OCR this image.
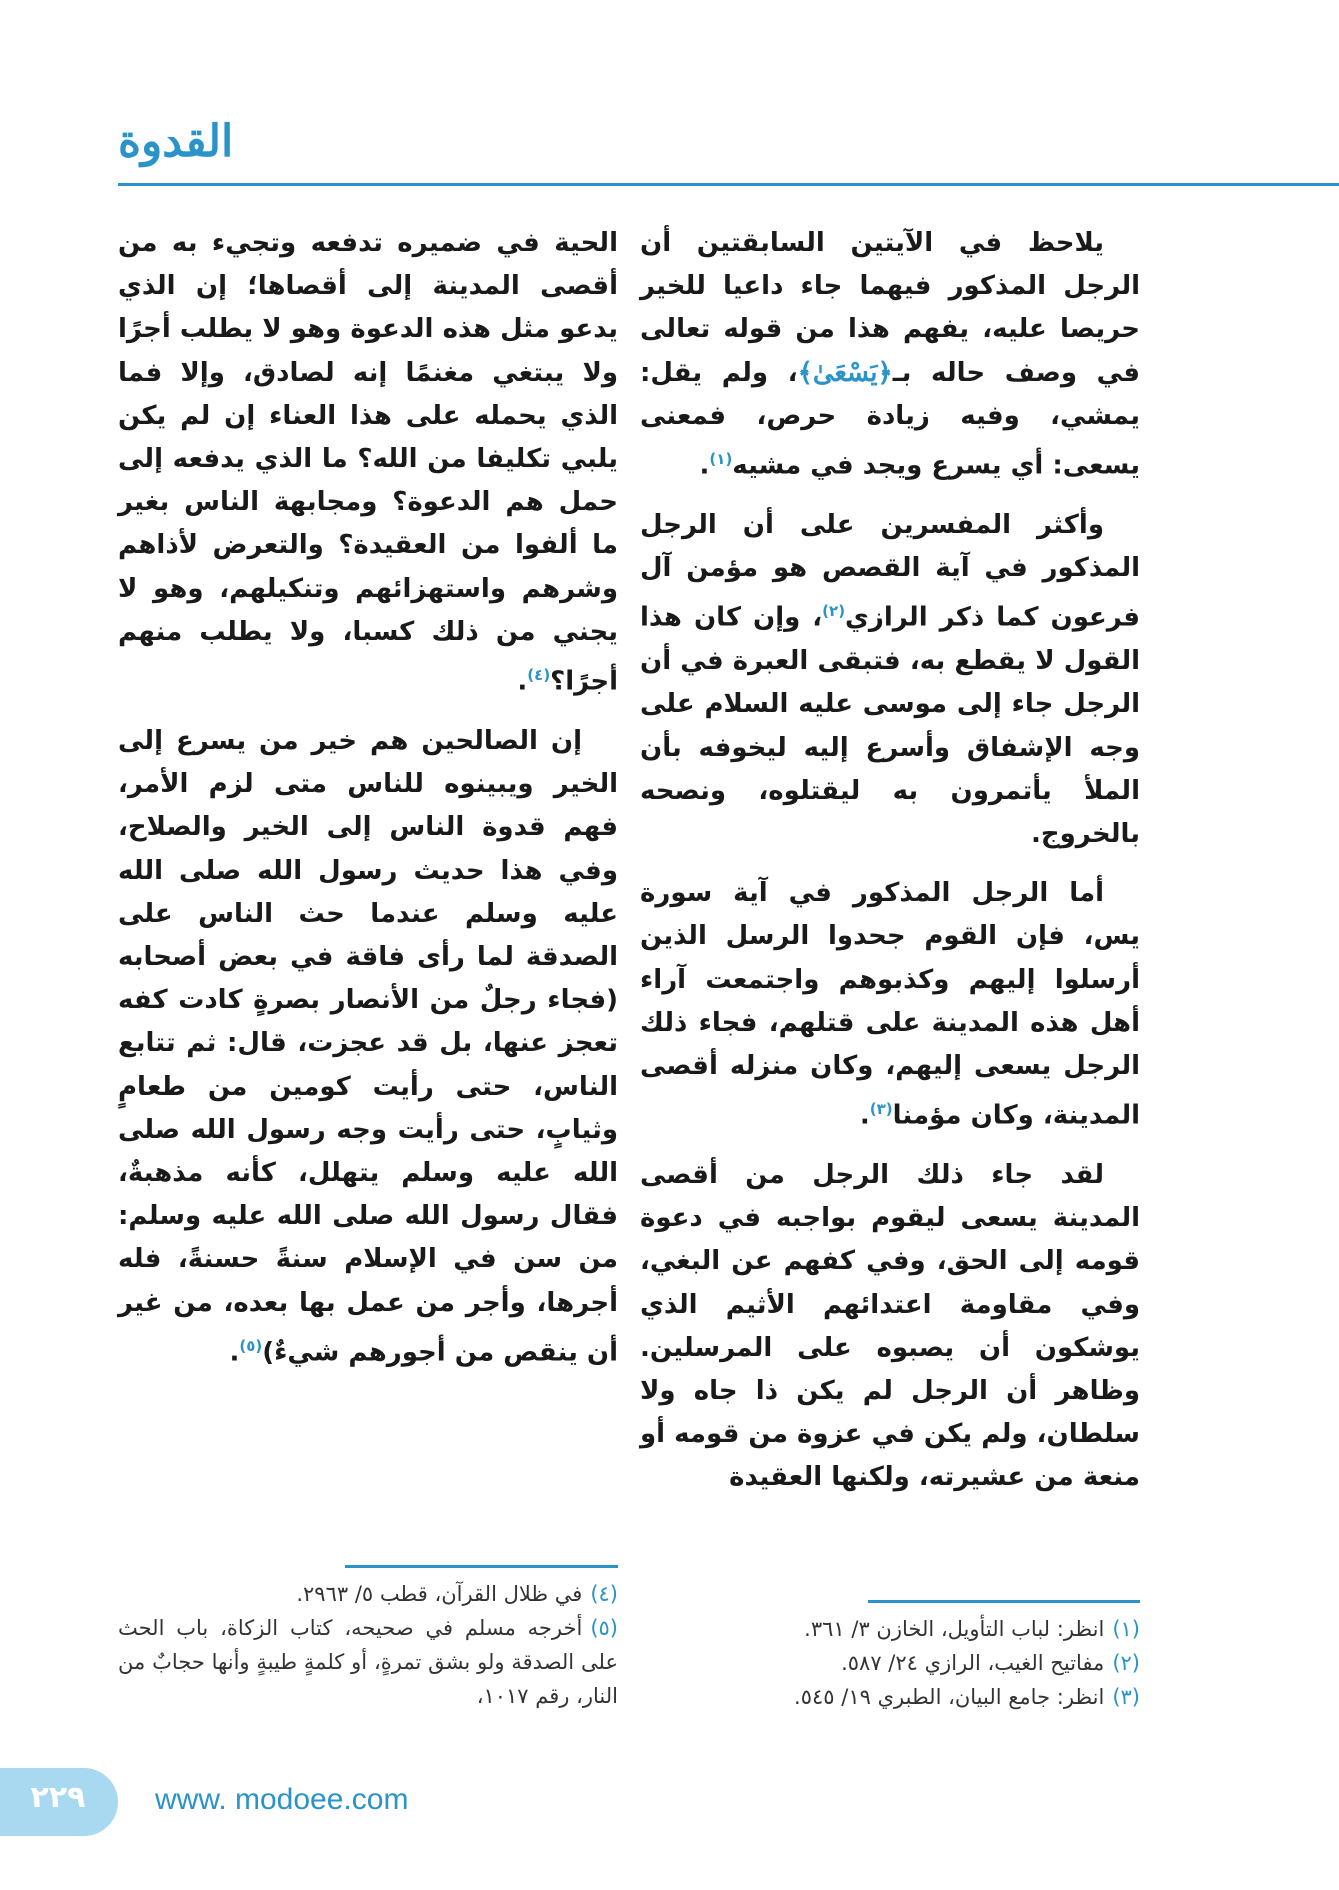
القدوة

يلاحظ في الآيتين السابقتين أن الرجل المذكور فيهما جاء داعيا للخير حريصا عليه، يفهم هذا من قوله تعالى في وصف حاله بـ﴿يَسْعَىٰ﴾، ولم يقل: يمشي، وفيه زيادة حرص، فمعنى يسعى: أي يسرع ويجد في مشيه$^{(١)}$.

وأكثر المفسرين على أن الرجل المذكور في آية القصص هو مؤمن آل فرعون كما ذكر الرازي$^{(٢)}$، وإن كان هذا القول لا يقطع به، فتبقى العبرة في أن الرجل جاء إلى موسى عليه السلام على وجه الإشفاق وأسرع إليه ليخوفه بأن الملأ يأتمرون به ليقتلوه، ونصحه بالخروج.

أما الرجل المذكور في آية سورة يس، فإن القوم جحدوا الرسل الذين أرسلوا إليهم وكذبوهم واجتمعت آراء أهل هذه المدينة على قتلهم، فجاء ذلك الرجل يسعى إليهم، وكان منزله أقصى المدينة، وكان مؤمنا$^{(٣)}$.

لقد جاء ذلك الرجل من أقصى المدينة يسعى ليقوم بواجبه في دعوة قومه إلى الحق، وفي كفهم عن البغي، وفي مقاومة اعتدائهم الأثيم الذي يوشكون أن يصبوه على المرسلين. وظاهر أن الرجل لم يكن ذا جاه ولا سلطان، ولم يكن في عزوة من قومه أو منعة من عشيرته، ولكنها العقيدة

الحية في ضميره تدفعه وتجيء به من أقصى المدينة إلى أقصاها؛ إن الذي يدعو مثل هذه الدعوة وهو لا يطلب أجرًا ولا يبتغي مغنمًا إنه لصادق، وإلا فما الذي يحمله على هذا العناء إن لم يكن يلبي تكليفا من الله؟ ما الذي يدفعه إلى حمل هم الدعوة؟ ومجابهة الناس بغير ما ألفوا من العقيدة؟ والتعرض لأذاهم وشرهم واستهزائهم وتنكيلهم، وهو لا يجني من ذلك كسبا، ولا يطلب منهم أجرًا؟$^{(٤)}$.

إن الصالحين هم خير من يسرع إلى الخير ويبينوه للناس متى لزم الأمر، فهم قدوة الناس إلى الخير والصلاح، وفي هذا حديث رسول الله صلى الله عليه وسلم عندما حث الناس على الصدقة لما رأى فاقة في بعض أصحابه (فجاء رجلٌ من الأنصار بصرةٍ كادت كفه تعجز عنها، بل قد عجزت، قال: ثم تتابع الناس، حتى رأيت كومين من طعامٍ وثيابٍ، حتى رأيت وجه رسول الله صلى الله عليه وسلم يتهلل، كأنه مذهبةٌ، فقال رسول الله صلى الله عليه وسلم: من سن في الإسلام سنةً حسنةً، فله أجرها، وأجر من عمل بها بعده، من غير أن ينقص من أجورهم شيءٌ)$^{(٥)}$.

(١)انظر: لباب التأويل، الخازن ٣/ ٣٦١.
(٢)مفاتيح الغيب، الرازي ٢٤/ ٥٨٧.
(٣)انظر: جامع البيان، الطبري ١٩/ ٥٤٥.
(٤)في ظلال القرآن، قطب ٥/ ٢٩٦٣.
(٥)أخرجه مسلم في صحيحه، كتاب الزكاة، باب الحث على الصدقة ولو بشق تمرةٍ، أو كلمةٍ طيبةٍ وأنها حجابٌ من النار، رقم ١٠١٧،
٢٢٩	www. modoee.com
